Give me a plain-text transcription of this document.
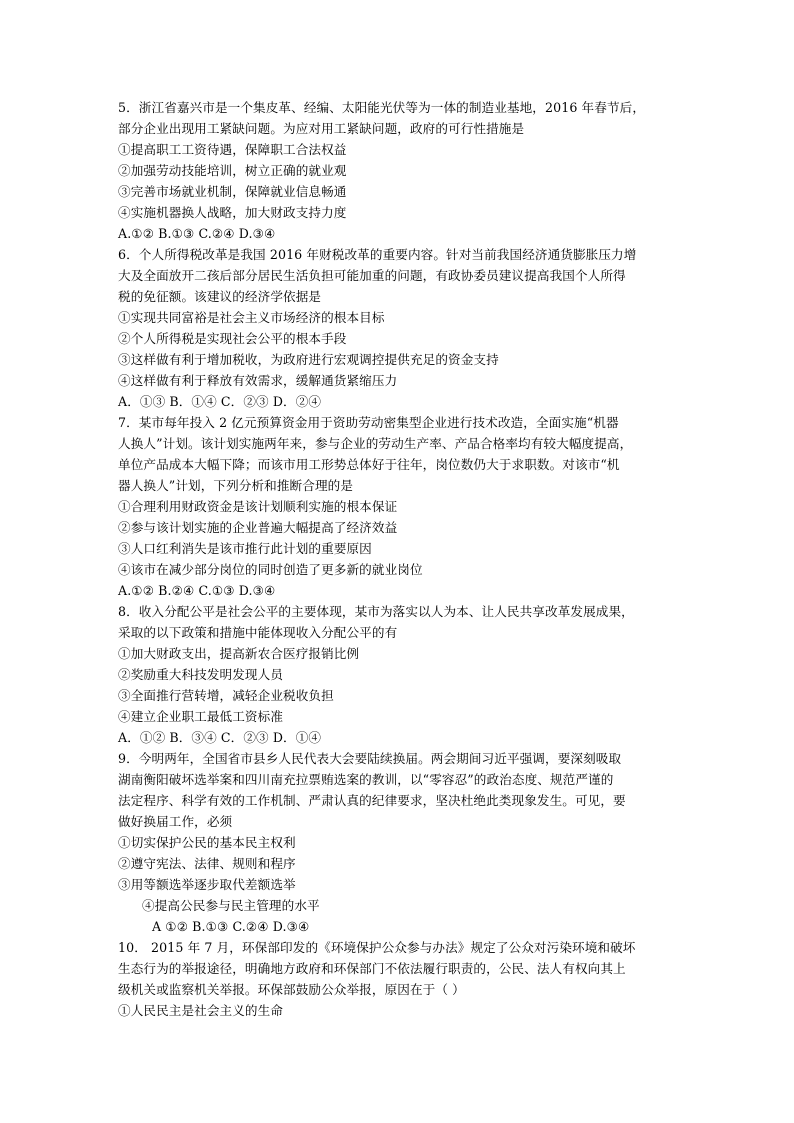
5．浙江省嘉兴市是一个集皮革、经编、太阳能光伏等为一体的制造业基地，2016 年春节后，
部分企业出现用工紧缺问题。为应对用工紧缺问题，政府的可行性措施是
①提高职工工资待遇，保障职工合法权益
②加强劳动技能培训，树立正确的就业观
③完善市场就业机制，保障就业信息畅通
④实施机器换人战略，加大财政支持力度
A.①② B.①③ C.②④ D.③④
6．个人所得税改革是我国 2016 年财税改革的重要内容。针对当前我国经济通货膨胀压力增
大及全面放开二孩后部分居民生活负担可能加重的问题，有政协委员建议提高我国个人所得
税的免征额。该建议的经济学依据是
①实现共同富裕是社会主义市场经济的根本目标
②个人所得税是实现社会公平的根本手段
③这样做有利于增加税收，为政府进行宏观调控提供充足的资金支持
④这样做有利于释放有效需求，缓解通货紧缩压力
A．①③ B．①④ C．②③ D．②④
7．某市每年投入 2 亿元预算资金用于资助劳动密集型企业进行技术改造，全面实施“机器
人换人”计划。该计划实施两年来，参与企业的劳动生产率、产品合格率均有较大幅度提高，
单位产品成本大幅下降；而该市用工形势总体好于往年，岗位数仍大于求职数。对该市“机
器人换人”计划，下列分析和推断合理的是
①合理利用财政资金是该计划顺利实施的根本保证
②参与该计划实施的企业普遍大幅提高了经济效益
③人口红利消失是该市推行此计划的重要原因
④该市在减少部分岗位的同时创造了更多新的就业岗位
A.①② B.②④ C.①③ D.③④
8．收入分配公平是社会公平的主要体现，某市为落实以人为本、让人民共享改革发展成果，
采取的以下政策和措施中能体现收入分配公平的有
①加大财政支出，提高新农合医疗报销比例
②奖励重大科技发明发现人员
③全面推行营转增，减轻企业税收负担
④建立企业职工最低工资标准
A．①② B．③④ C．②③ D．①④
9．今明两年，全国省市县乡人民代表大会要陆续换届。两会期间习近平强调，要深刻吸取
湖南衡阳破坏选举案和四川南充拉票贿选案的教训，以“零容忍”的政治态度、规范严谨的
法定程序、科学有效的工作机制、严肃认真的纪律要求，坚决杜绝此类现象发生。可见，要
做好换届工作，必须
①切实保护公民的基本民主权利
②遵守宪法、法律、规则和程序
③用等额选举逐步取代差额选举
④提高公民参与民主管理的水平
A ①② B.①③ C.②④ D.③④
10． 2015 年 7 月，环保部印发的《环境保护公众参与办法》规定了公众对污染环境和破坏
生态行为的举报途径，明确地方政府和环保部门不依法履行职责的，公民、法人有权向其上
级机关或监察机关举报。环保部鼓励公众举报，原因在于（ ）
①人民民主是社会主义的生命
